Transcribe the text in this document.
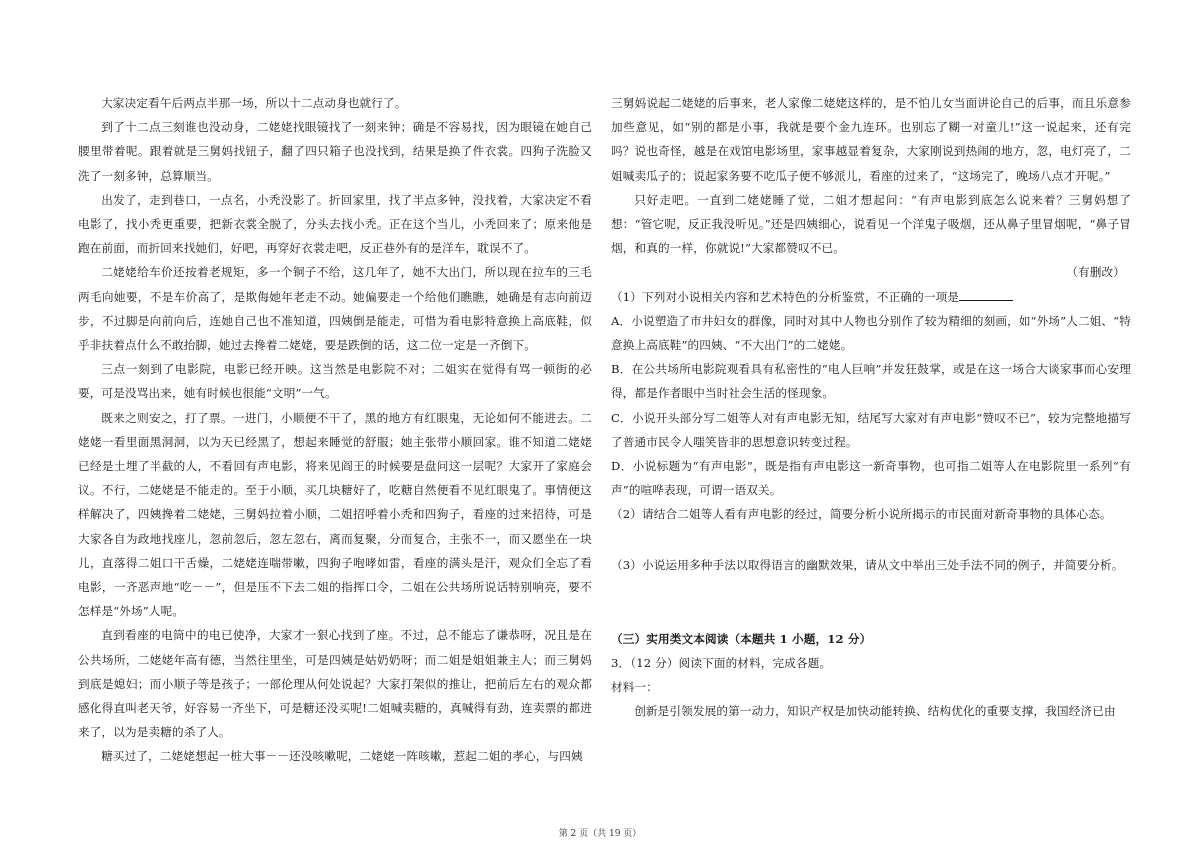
大家决定看午后两点半那一场，所以十二点动身也就行了。

到了十二点三刻谁也没动身，二姥姥找眼镜找了一刻来钟；确是不容易找，因为眼镜在她自己腰里带着呢。跟着就是三舅妈找钮子，翻了四只箱子也没找到，结果是换了件衣裳。四狗子洗脸又洗了一刻多钟，总算顺当。

出发了，走到巷口，一点名，小秃没影了。折回家里，找了半点多钟，没找着，大家决定不看电影了，找小秃更重要，把新衣裳全脱了，分头去找小秃。正在这个当儿，小秃回来了；原来他是跑在前面，而折回来找她们，好吧，再穿好衣裳走吧，反正巷外有的是洋车，耽误不了。

二姥姥给车价还按着老规矩，多一个铜子不给，这几年了，她不大出门，所以现在拉车的三毛两毛向她要，不是车价高了，是欺侮她年老走不动。她偏要走一个给他们瞧瞧，她确是有志向前迈步，不过脚是向前向后，连她自己也不准知道，四姨倒是能走，可惜为看电影特意换上高底鞋，似乎非扶着点什么不敢抬脚，她过去搀着二姥姥，要是跌倒的话，这二位一定是一齐倒下。

三点一刻到了电影院，电影已经开映。这当然是电影院不对；二姐实在觉得有骂一顿街的必要，可是没骂出来，她有时候也很能“文明”一气。

既来之则安之，打了票。一进门，小顺便不干了，黑的地方有红眼鬼，无论如何不能进去。二姥姥一看里面黑洞洞，以为天已经黑了，想起来睡觉的舒服；她主张带小顺回家。谁不知道二姥姥已经是土埋了半截的人，不看回有声电影，将来见阎王的时候要是盘问这一层呢？大家开了家庭会议。不行，二姥姥是不能走的。至于小顺，买几块糖好了，吃糖自然便看不见红眼鬼了。事情便这样解决了，四姨搀着二姥姥，三舅妈拉着小顺，二姐招呼着小秃和四狗子，看座的过来招待，可是大家各自为政地找座儿，忽前忽后，忽左忽右，离而复聚，分而复合，主张不一，而又愿坐在一块儿，直落得二姐口干舌燥，二姥姥连喘带嗽，四狗子咆哮如雷，看座的满头是汗，观众们全忘了看电影，一齐恶声地“吃－－”，但是压不下去二姐的指挥口令，二姐在公共场所说话特别响亮，要不怎样是“外场”人呢。

直到看座的电筒中的电已使净，大家才一狠心找到了座。不过，总不能忘了谦恭呀，况且是在公共场所，二姥姥年高有德，当然往里坐，可是四姨是姑奶奶呀；而二姐是姐姐兼主人；而三舅妈到底是媳妇；而小顺子等是孩子；一部伦理从何处说起？大家打架似的推让，把前后左右的观众都感化得直叫老天爷，好容易一齐坐下，可是糖还没买呢!二姐喊卖糖的，真喊得有劲，连卖票的都进来了，以为是卖糖的杀了人。

糖买过了，二姥姥想起一桩大事－－还没咳嗽呢，二姥姥一阵咳嗽，惹起二姐的孝心，与四姨

三舅妈说起二姥姥的后事来，老人家像二姥姥这样的，是不怕儿女当面讲论自己的后事，而且乐意参加些意见，如“别的都是小事，我就是要个金九连环。也别忘了糊一对童儿!”这一说起来，还有完吗？说也奇怪，越是在戏馆电影场里，家事越显着复杂，大家刚说到热闹的地方，忽，电灯亮了，二姐喊卖瓜子的；说起家务要不吃瓜子便不够派儿，看座的过来了，“这场完了，晚场八点才开呢。”

只好走吧。一直到二姥姥睡了觉，二姐才想起问：“有声电影到底怎么说来着？三舅妈想了想：“管它呢，反正我没听见。”还是四姨细心，说看见一个洋鬼子吸烟，还从鼻子里冒烟呢，“鼻子冒烟，和真的一样，你就说!”大家都赞叹不已。

（有删改）

（1）下列对小说相关内容和艺术特色的分析鉴赏，不正确的一项是

A．小说塑造了市井妇女的群像，同时对其中人物也分别作了较为精细的刻画，如“外场”人二姐、“特意换上高底鞋”的四姨、“不大出门”的二姥姥。

B．在公共场所电影院观看具有私密性的“电人巨响”并发狂鼓掌，或是在这一场合大谈家事而心安理得，都是作者眼中当时社会生活的怪现象。

C．小说开头部分写二姐等人对有声电影无知，结尾写大家对有声电影“赞叹不已”，较为完整地描写了普通市民令人嗤笑皆非的思想意识转变过程。

D．小说标题为“有声电影”，既是指有声电影这一新奇事物，也可指二姐等人在电影院里一系列“有声”的喧哗表现，可谓一语双关。

（2）请结合二姐等人看有声电影的经过，简要分析小说所揭示的市民面对新奇事物的具体心态。

（3）小说运用多种手法以取得语言的幽默效果，请从文中举出三处手法不同的例子，并简要分析。

（三）实用类文本阅读（本题共 1 小题，12 分）

3．（12 分）阅读下面的材料，完成各题。

材料一：

创新是引领发展的第一动力，知识产权是加快动能转换、结构优化的重要支撑，我国经济已由

第 2 页（共 19 页）
